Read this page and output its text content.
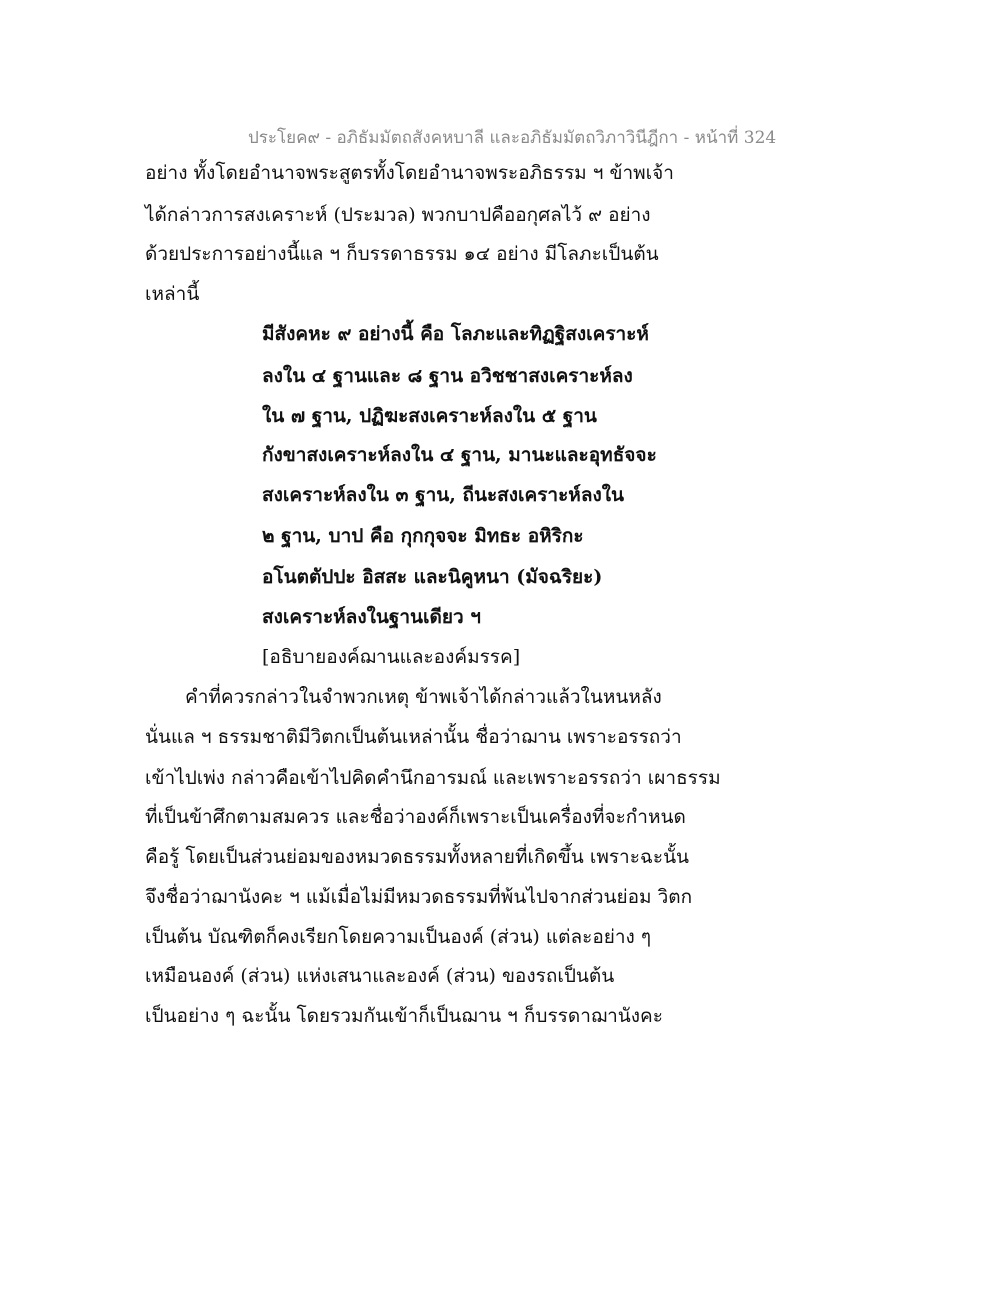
ประโยค๙ - อภิธัมมัตถสังคหบาลี และอภิธัมมัตถวิภาวินีฎีกา - หน้าที่ 324
อย่าง ทั้งโดยอำนาจพระสูตรทั้งโดยอำนาจพระอภิธรรม ฯ ข้าพเจ้า
ได้กล่าวการสงเคราะห์ (ประมวล) พวกบาปคืออกุศลไว้ ๙ อย่าง
ด้วยประการอย่างนี้แล ฯ ก็บรรดาธรรม ๑๔ อย่าง มีโลภะเป็นต้น
เหล่านี้
มีสังคหะ ๙ อย่างนี้ คือ โลภะและทิฏฐิสงเคราะห์
ลงใน ๔ ฐานและ ๘ ฐาน อวิชชาสงเคราะห์ลง
ใน ๗ ฐาน, ปฏิฆะสงเคราะห์ลงใน ๕ ฐาน
กังขาสงเคราะห์ลงใน ๔ ฐาน, มานะและอุทธัจจะ
สงเคราะห์ลงใน ๓ ฐาน, ถีนะสงเคราะห์ลงใน
๒ ฐาน, บาป คือ กุกกุจจะ มิทธะ อหิริกะ
อโนตตัปปะ อิสสะ และนิคูหนา (มัจฉริยะ)
สงเคราะห์ลงในฐานเดียว ฯ
[อธิบายองค์ฌานและองค์มรรค]
คำที่ควรกล่าวในจำพวกเหตุ ข้าพเจ้าได้กล่าวแล้วในหนหลัง
นั่นแล ฯ ธรรมชาติมีวิตกเป็นต้นเหล่านั้น ชื่อว่าฌาน เพราะอรรถว่า
เข้าไปเพ่ง กล่าวคือเข้าไปคิดคำนึกอารมณ์ และเพราะอรรถว่า เผาธรรม
ที่เป็นข้าศึกตามสมควร และชื่อว่าองค์ก็เพราะเป็นเครื่องที่จะกำหนด
คือรู้ โดยเป็นส่วนย่อมของหมวดธรรมทั้งหลายที่เกิดขึ้น เพราะฉะนั้น
จึงชื่อว่าฌานังคะ ฯ แม้เมื่อไม่มีหมวดธรรมที่พ้นไปจากส่วนย่อม วิตก
เป็นต้น บัณฑิตก็คงเรียกโดยความเป็นองค์ (ส่วน) แต่ละอย่าง ๆ
เหมือนองค์ (ส่วน) แห่งเสนาและองค์ (ส่วน) ของรถเป็นต้น
เป็นอย่าง ๆ ฉะนั้น โดยรวมกันเข้าก็เป็นฌาน ฯ ก็บรรดาฌานังคะ
